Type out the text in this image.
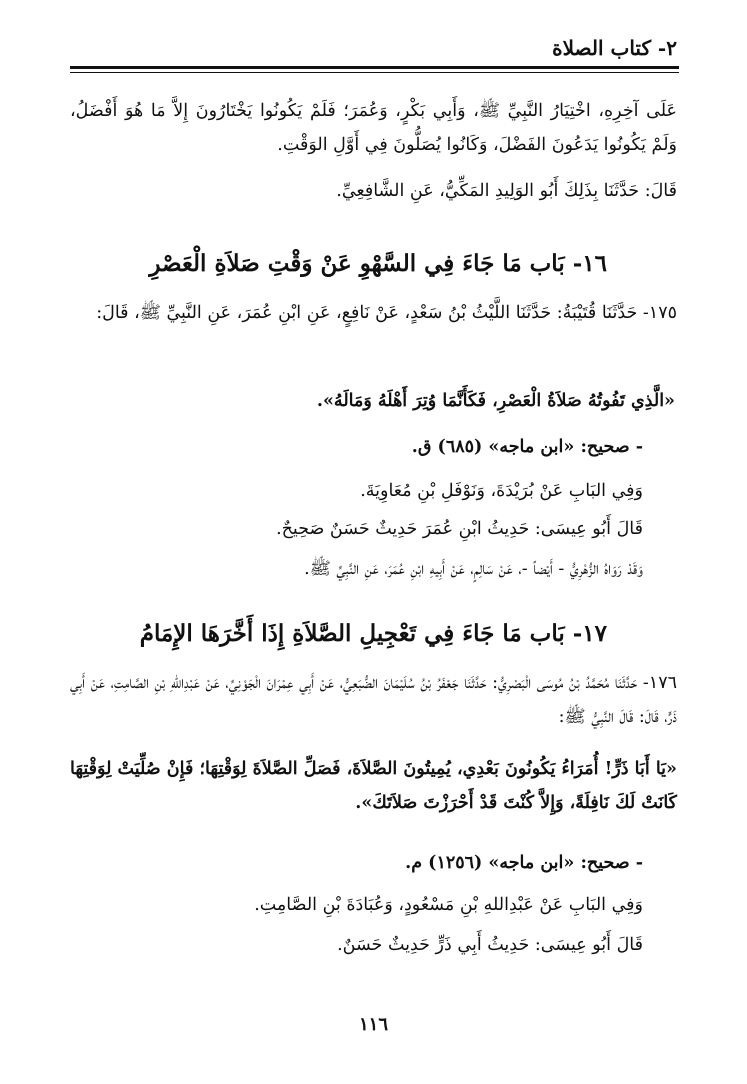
٢- كتاب الصلاة
عَلَى آخِرِهِ، اخْتِيَارُ النَّبِيِّ ﷺ، وَأَبِي بَكْرٍ، وَعُمَرَ؛ فَلَمْ يَكُونُوا يَخْتَارُونَ إِلاَّ مَا هُوَ أَفْضَلُ، وَلَمْ يَكُونُوا يَدَعُونَ الفَضْلَ، وَكَانُوا يُصَلُّونَ فِي أَوَّلِ الوَقْتِ.
قَالَ: حَدَّثَنَا بِذَلِكَ أَبُو الوَلِيدِ المَكِّيُّ، عَنِ الشَّافِعِيِّ.
١٦- بَاب مَا جَاءَ فِي السَّهْوِ عَنْ وَقْتِ صَلاَةِ الْعَصْرِ
١٧٥- حَدَّثَنَا قُتَيْبَةُ: حَدَّثَنَا اللَّيْثُ بْنُ سَعْدٍ، عَنْ نَافِعٍ، عَنِ ابْنِ عُمَرَ، عَنِ النَّبِيِّ ﷺ، قَالَ:
«الَّذِي تَفُوتُهُ صَلاَةُ الْعَصْرِ، فَكَأَنَّمَا وُتِرَ أَهْلَهُ وَمَالَهُ».
- صحيح: «ابن ماجه» (٦٨٥) ق.
وَفِي البَابِ عَنْ بُرَيْدَةَ، وَنَوْفَلِ بْنِ مُعَاوِيَةَ.
قَالَ أَبُو عِيسَى: حَدِيثُ ابْنِ عُمَرَ حَدِيثٌ حَسَنٌ صَحِيحٌ.
وَقَدْ رَوَاهُ الزُّهْرِيُّ - أَيْضاً -، عَنْ سَالِمٍ، عَنْ أَبِيهِ ابْنِ عُمَرَ، عَنِ النَّبِيِّ ﷺ.
١٧- بَاب مَا جَاءَ فِي تَعْجِيلِ الصَّلاَةِ إِذَا أَخَّرَهَا الإِمَامُ
١٧٦- حَدَّثَنَا مُحَمَّدُ بْنُ مُوسَى الْبَصْرِيُّ: حَدَّثَنَا جَعْفَرُ بْنُ سُلَيْمَانَ الضُّبَعِيُّ، عَنْ أَبِي عِمْرَانَ الْجَوْنِيِّ، عَنْ عَبْدِاللهِ بْنِ الصَّامِتِ، عَنْ أَبِي ذَرٍّ، قَالَ: قَالَ النَّبِيُّ ﷺ:
«يَا أَبَا ذَرٍّ! أُمَرَاءُ يَكُونُونَ بَعْدِي، يُمِيتُونَ الصَّلاَةَ، فَصَلِّ الصَّلاَةَ لِوَقْتِهَا؛ فَإِنْ صُلِّيَتْ لِوَقْتِهَا كَانَتْ لَكَ نَافِلَةً، وَإِلاَّ كُنْتَ قَدْ أَحْرَزْتَ صَلاَتَكَ».
- صحيح: «ابن ماجه» (١٢٥٦) م.
وَفِي البَابِ عَنْ عَبْدِاللهِ بْنِ مَسْعُودٍ، وَعُبَادَةَ بْنِ الصَّامِتِ.
قَالَ أَبُو عِيسَى: حَدِيثُ أَبِي ذَرٍّ حَدِيثٌ حَسَنٌ.
١١٦
